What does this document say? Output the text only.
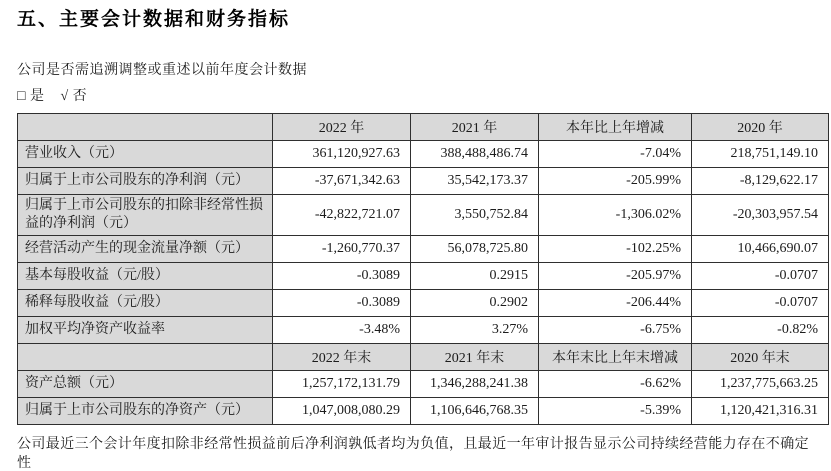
五、主要会计数据和财务指标

公司是否需追溯调整或重述以前年度会计数据

□ 是 √ 否

	2022 年	2021 年	本年比上年增减	2020 年
营业收入（元）	361,120,927.63	388,488,486.74	-7.04%	218,751,149.10
归属于上市公司股东的净利润（元）	-37,671,342.63	35,542,173.37	-205.99%	-8,129,622.17
归属于上市公司股东的扣除非经常性损益的净利润（元）	-42,822,721.07	3,550,752.84	-1,306.02%	-20,303,957.54
经营活动产生的现金流量净额（元）	-1,260,770.37	56,078,725.80	-102.25%	10,466,690.07
基本每股收益（元/股）	-0.3089	0.2915	-205.97%	-0.0707
稀释每股收益（元/股）	-0.3089	0.2902	-206.44%	-0.0707
加权平均净资产收益率	-3.48%	3.27%	-6.75%	-0.82%
	2022 年末	2021 年末	本年末比上年末增减	2020 年末
资产总额（元）	1,257,172,131.79	1,346,288,241.38	-6.62%	1,237,775,663.25
归属于上市公司股东的净资产（元）	1,047,008,080.29	1,106,646,768.35	-5.39%	1,120,421,316.31

公司最近三个会计年度扣除非经常性损益前后净利润孰低者均为负值，且最近一年审计报告显示公司持续经营能力存在不确定性
